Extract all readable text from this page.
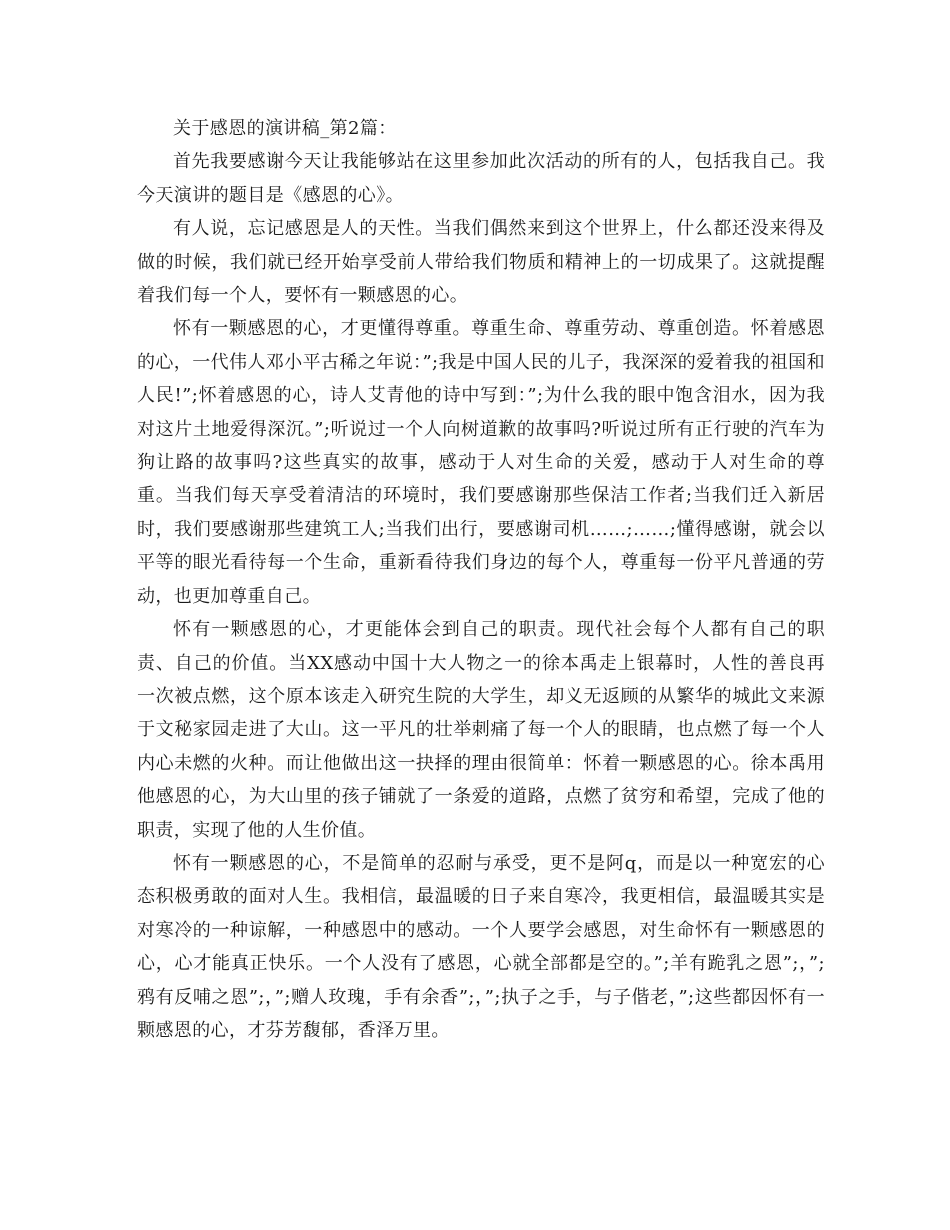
关于感恩的演讲稿_第2篇：

首先我要感谢今天让我能够站在这里参加此次活动的所有的人，包括我自己。我今天演讲的题目是《感恩的心》。

有人说，忘记感恩是人的天性。当我们偶然来到这个世界上，什么都还没来得及做的时候，我们就已经开始享受前人带给我们物质和精神上的一切成果了。这就提醒着我们每一个人，要怀有一颗感恩的心。

怀有一颗感恩的心，才更懂得尊重。尊重生命、尊重劳动、尊重创造。怀着感恩的心，一代伟人邓小平古稀之年说：”;我是中国人民的儿子，我深深的爱着我的祖国和人民!”;怀着感恩的心，诗人艾青他的诗中写到：”;为什么我的眼中饱含泪水，因为我对这片土地爱得深沉。”;听说过一个人向树道歉的故事吗?听说过所有正行驶的汽车为狗让路的故事吗?这些真实的故事，感动于人对生命的关爱，感动于人对生命的尊重。当我们每天享受着清洁的环境时，我们要感谢那些保洁工作者;当我们迁入新居时，我们要感谢那些建筑工人;当我们出行，要感谢司机……;……;懂得感谢，就会以平等的眼光看待每一个生命，重新看待我们身边的每个人，尊重每一份平凡普通的劳动，也更加尊重自己。

怀有一颗感恩的心，才更能体会到自己的职责。现代社会每个人都有自己的职责、自己的价值。当XX感动中国十大人物之一的徐本禹走上银幕时，人性的善良再一次被点燃，这个原本该走入研究生院的大学生，却义无返顾的从繁华的城此文来源于文秘家园走进了大山。这一平凡的壮举刺痛了每一个人的眼睛，也点燃了每一个人内心未燃的火种。而让他做出这一抉择的理由很简单：怀着一颗感恩的心。徐本禹用他感恩的心，为大山里的孩子铺就了一条爱的道路，点燃了贫穷和希望，完成了他的职责，实现了他的人生价值。

怀有一颗感恩的心，不是简单的忍耐与承受，更不是阿q，而是以一种宽宏的心态积极勇敢的面对人生。我相信，最温暖的日子来自寒冷，我更相信，最温暖其实是对寒冷的一种谅解，一种感恩中的感动。一个人要学会感恩，对生命怀有一颗感恩的心，心才能真正快乐。一个人没有了感恩，心就全部都是空的。”;羊有跪乳之恩”;，”;鸦有反哺之恩”;，”;赠人玫瑰，手有余香”;，”;执子之手，与子偕老，”;这些都因怀有一颗感恩的心，才芬芳馥郁，香泽万里。
